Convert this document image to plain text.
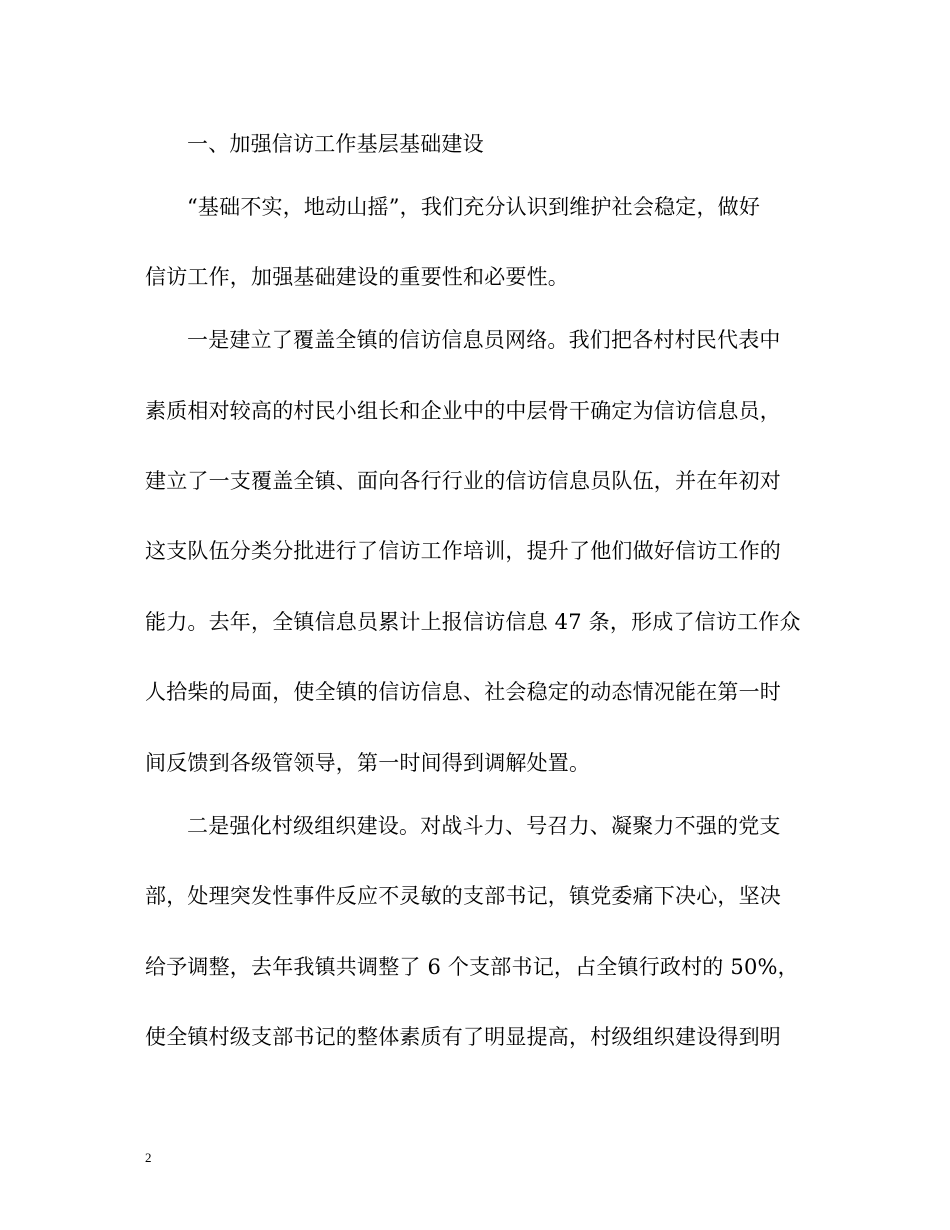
一、加强信访工作基层基础建设
“基础不实，地动山摇”，我们充分认识到维护社会稳定，做好
信访工作，加强基础建设的重要性和必要性。
一是建立了覆盖全镇的信访信息员网络。我们把各村村民代表中
素质相对较高的村民小组长和企业中的中层骨干确定为信访信息员，
建立了一支覆盖全镇、面向各行行业的信访信息员队伍，并在年初对
这支队伍分类分批进行了信访工作培训，提升了他们做好信访工作的
能力。去年，全镇信息员累计上报信访信息 47 条，形成了信访工作众
人拾柴的局面，使全镇的信访信息、社会稳定的动态情况能在第一时
间反馈到各级管领导，第一时间得到调解处置。
二是强化村级组织建设。对战斗力、号召力、凝聚力不强的党支
部，处理突发性事件反应不灵敏的支部书记，镇党委痛下决心，坚决
给予调整，去年我镇共调整了 6 个支部书记，占全镇行政村的 50%，
使全镇村级支部书记的整体素质有了明显提高，村级组织建设得到明
2
